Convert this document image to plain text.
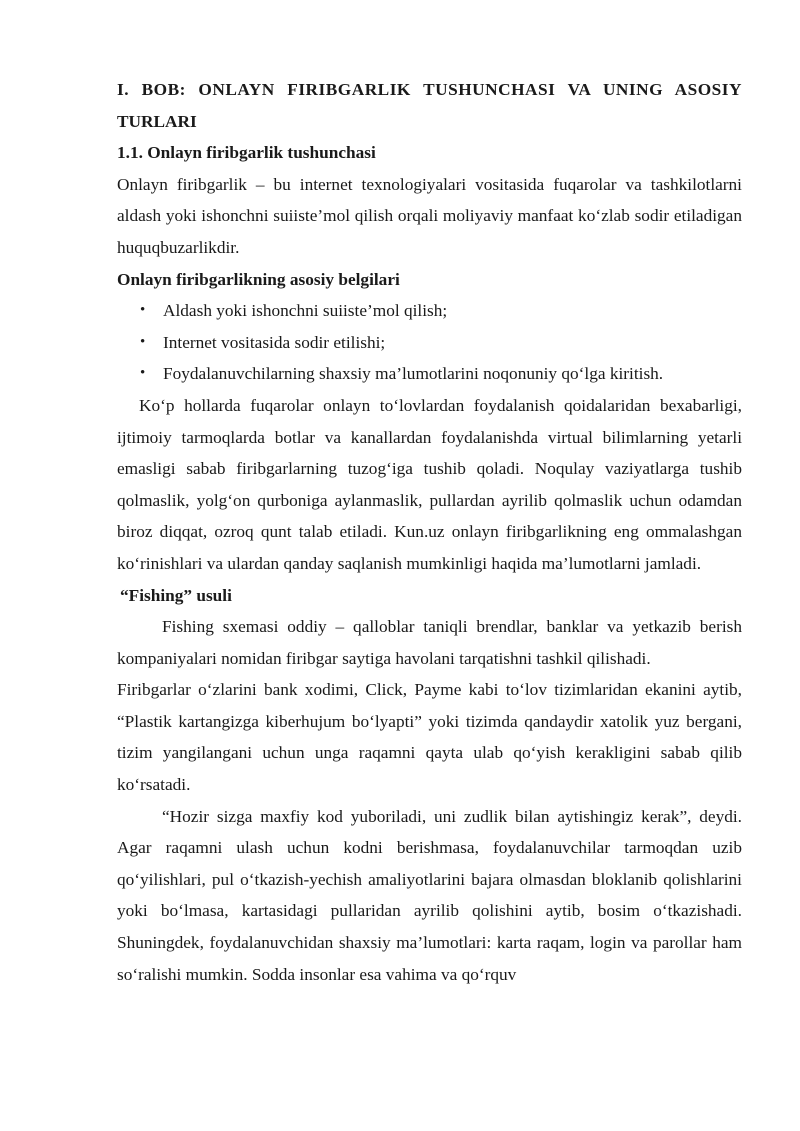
I. BOB: ONLAYN FIRIBGARLIK TUSHUNCHASI VA UNING ASOSIY

TURLARI

1.1. Onlayn firibgarlik tushunchasi

Onlayn firibgarlik – bu internet texnologiyalari vositasida fuqarolar va tashkilotlarni aldash yoki ishonchni suiiste’mol qilish orqali moliyaviy manfaat ko‘zlab sodir etiladigan huquqbuzarlikdir.

Onlayn firibgarlikning asosiy belgilari

• Aldash yoki ishonchni suiiste’mol qilish;
• Internet vositasida sodir etilishi;
• Foydalanuvchilarning shaxsiy ma’lumotlarini noqonuniy qo‘lga kiritish.

Ko‘p hollarda fuqarolar onlayn to‘lovlardan foydalanish qoidalaridan bexabarligi, ijtimoiy tarmoqlarda botlar va kanallardan foydalanishda virtual bilimlarning yetarli emasligi sabab firibgarlarning tuzog‘iga tushib qoladi. Noqulay vaziyatlarga tushib qolmaslik, yolg‘on qurboniga aylanmaslik, pullardan ayrilib qolmaslik uchun odamdan biroz diqqat, ozroq qunt talab etiladi. Kun.uz onlayn firibgarlikning eng ommalashgan ko‘rinishlari va ulardan qanday saqlanish mumkinligi haqida ma’lumotlarni jamladi.

“Fishing” usuli

Fishing sxemasi oddiy – qalloblar taniqli brendlar, banklar va yetkazib berish kompaniyalari nomidan firibgar saytiga havolani tarqatishni tashkil qilishadi.

Firibgarlar o‘zlarini bank xodimi, Click, Payme kabi to‘lov tizimlaridan ekanini aytib, “Plastik kartangizga kiberhujum bo‘lyapti” yoki tizimda qandaydir xatolik yuz bergani, tizim yangilangani uchun unga raqamni qayta ulab qo‘yish kerakligini sabab qilib ko‘rsatadi.

“Hozir sizga maxfiy kod yuboriladi, uni zudlik bilan aytishingiz kerak”, deydi. Agar raqamni ulash uchun kodni berishmasa, foydalanuvchilar tarmoqdan uzib qo‘yilishlari, pul o‘tkazish-yechish amaliyotlarini bajara olmasdan bloklanib qolishlarini yoki bo‘lmasa, kartasidagi pullaridan ayrilib qolishini aytib, bosim o‘tkazishadi. Shuningdek, foydalanuvchidan shaxsiy ma’lumotlari: karta raqam, login va parollar ham so‘ralishi mumkin. Sodda insonlar esa vahima va qo‘rquv
